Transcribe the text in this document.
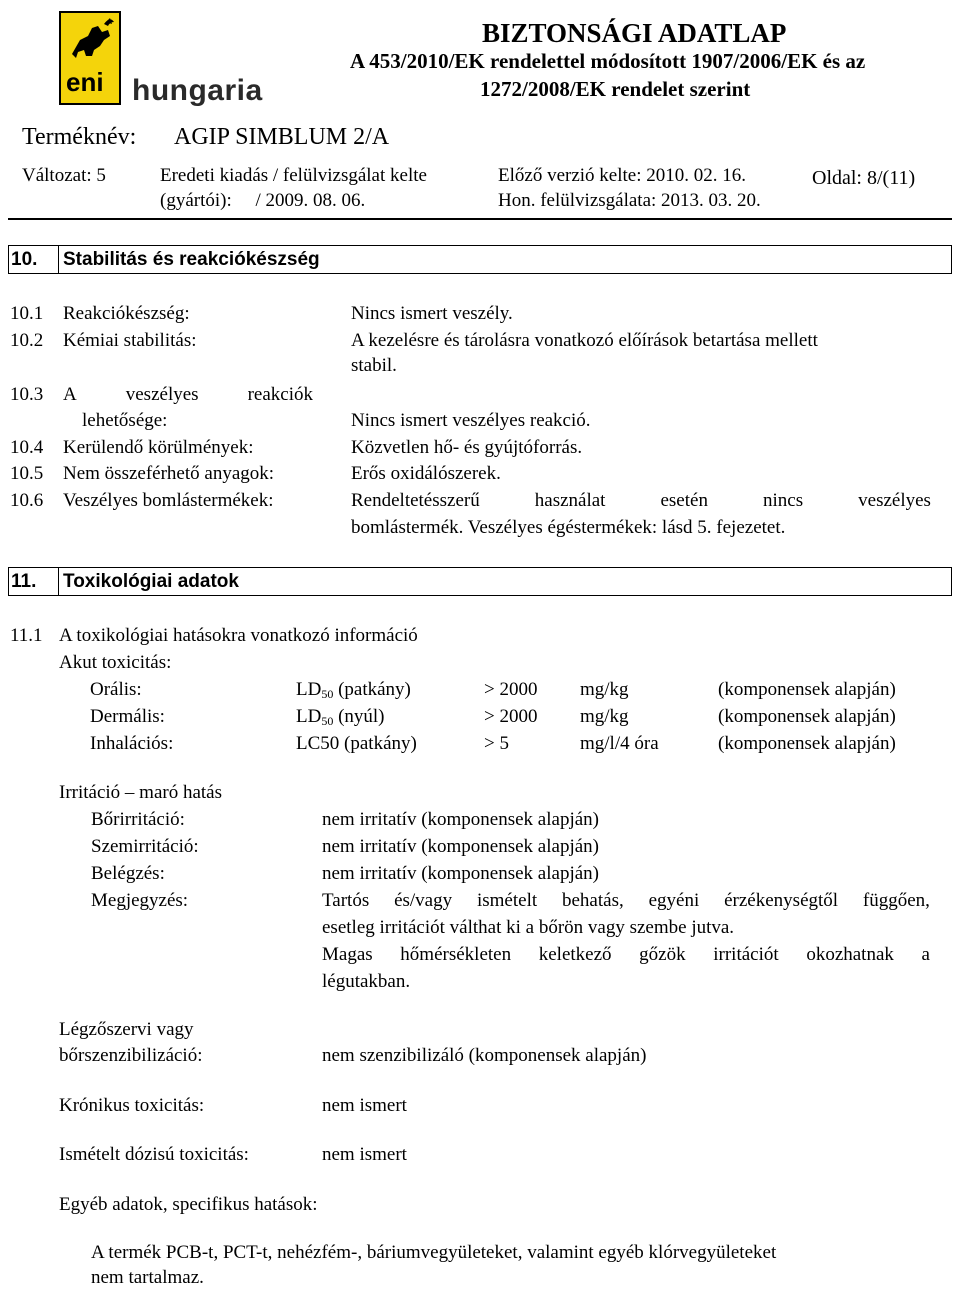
eni hungaria
BIZTONSÁGI ADATLAP
A 453/2010/EK rendelettel módosított 1907/2006/EK és az
1272/2008/EK rendelet szerint
Terméknév: AGIP SIMBLUM 2/A
Változat: 5	Eredeti kiadás / felülvizsgálat kelte
(gyártói):     / 2009. 08. 06.
Előző verzió kelte: 2010. 02. 16.
Hon. felülvizsgálata: 2013. 03. 20.
Oldal: 8/(11)
10.	Stabilitás és reakciókészség
10.1 Reakciókészség:	Nincs ismert veszély.
10.2 Kémiai stabilitás:	A kezelésre és tárolásra vonatkozó előírások betartása mellett
stabil.
10.3 A	veszélyes	reakciók
lehetősége:	Nincs ismert veszélyes reakció.
10.4 Kerülendő körülmények:	Közvetlen hő- és gyújtóforrás.
10.5 Nem összeférhető anyagok:	Erős oxidálószerek.
10.6 Veszélyes bomlástermékek:	Rendeltetésszerű	használat	esetén	nincs	veszélyes
bomlástermék. Veszélyes égéstermékek: lásd 5. fejezetet.
11.	Toxikológiai adatok
11.1 A toxikológiai hatásokra vonatkozó információ
Akut toxicitás:
Orális:	$LD_{50}$ (patkány)	> 2000 mg/kg	(komponensek alapján)
Dermális:	$LD_{50}$ (nyúl)	> 2000 mg/kg	(komponensek alapján)
Inhalációs:	LC50 (patkány)	> 5	mg/l/4 óra	(komponensek alapján)
Irritáció – maró hatás
Bőrirritáció:	nem irritatív (komponensek alapján)
Szemirritáció:	nem irritatív (komponensek alapján)
Belégzés:	nem irritatív (komponensek alapján)
Megjegyzés:	Tartós és/vagy ismételt behatás, egyéni érzékenységtől függően,
esetleg irritációt válthat ki a bőrön vagy szembe jutva.
Magas hőmérsékleten keletkező gőzök irritációt okozhatnak a
légutakban.
Légzőszervi vagy
bőrszenzibilizáció:	nem szenzibilizáló (komponensek alapján)
Krónikus toxicitás:	nem ismert
Ismételt dózisú toxicitás:	nem ismert
Egyéb adatok, specifikus hatások:
A termék PCB-t, PCT-t, nehézfém-, báriumvegyületeket, valamint egyéb klórvegyületeket
nem tartalmaz.
